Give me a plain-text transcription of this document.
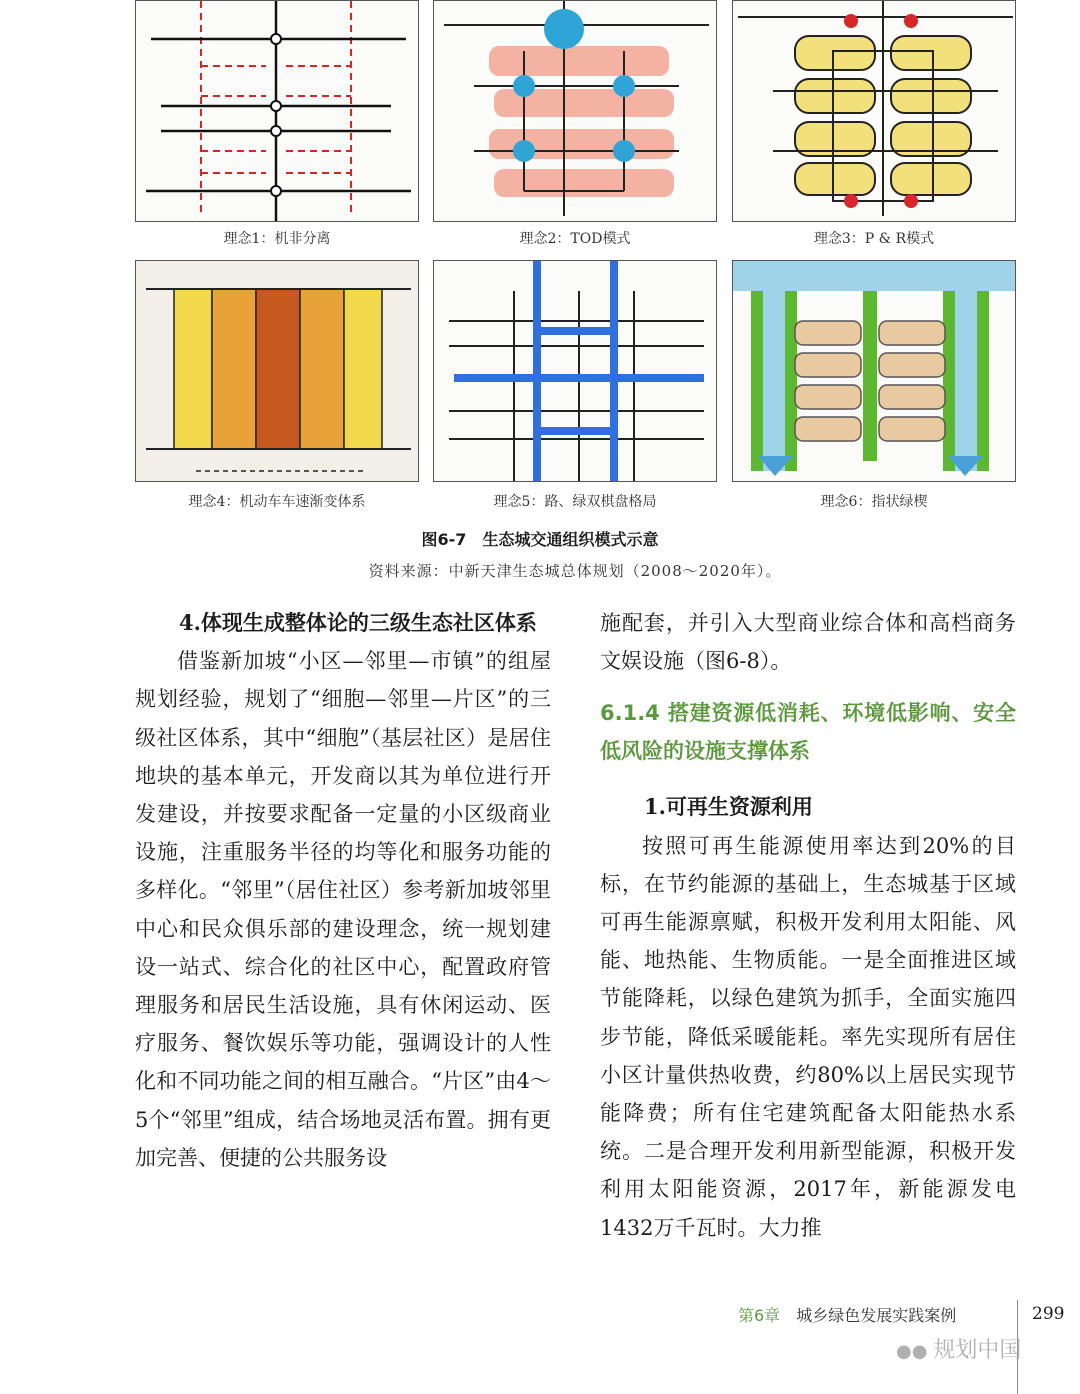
理念1：机非分离	理念2：TOD模式	理念3：P & R模式
理念4：机动车车速渐变体系	理念5：路、绿双棋盘格局	理念6：指状绿楔
图6-7　生态城交通组织模式示意
资料来源：中新天津生态城总体规划（2008～2020年）。

4.体现生成整体论的三级生态社区体系

借鉴新加坡“小区—邻里—市镇”的组屋规划经验，规划了“细胞—邻里—片区”的三级社区体系，其中“细胞”（基层社区）是居住地块的基本单元，开发商以其为单位进行开发建设，并按要求配备一定量的小区级商业设施，注重服务半径的均等化和服务功能的多样化。“邻里”（居住社区）参考新加坡邻里中心和民众俱乐部的建设理念，统一规划建设一站式、综合化的社区中心，配置政府管理服务和居民生活设施，具有休闲运动、医疗服务、餐饮娱乐等功能，强调设计的人性化和不同功能之间的相互融合。“片区”由4～5个“邻里”组成，结合场地灵活布置。拥有更加完善、便捷的公共服务设

施配套，并引入大型商业综合体和高档商务文娱设施（图6-8）。

6.1.4 搭建资源低消耗、环境低影响、安全低风险的设施支撑体系

1.可再生资源利用

按照可再生能源使用率达到20%的目标，在节约能源的基础上，生态城基于区域可再生能源禀赋，积极开发利用太阳能、风能、地热能、生物质能。一是全面推进区域节能降耗，以绿色建筑为抓手，全面实施四步节能，降低采暖能耗。率先实现所有居住小区计量供热收费，约80%以上居民实现节能降费；所有住宅建筑配备太阳能热水系统。二是合理开发利用新型能源，积极开发利用太阳能资源，2017年，新能源发电1432万千瓦时。大力推

第6章 城乡绿色发展实践案例	299
●● 规划中国
